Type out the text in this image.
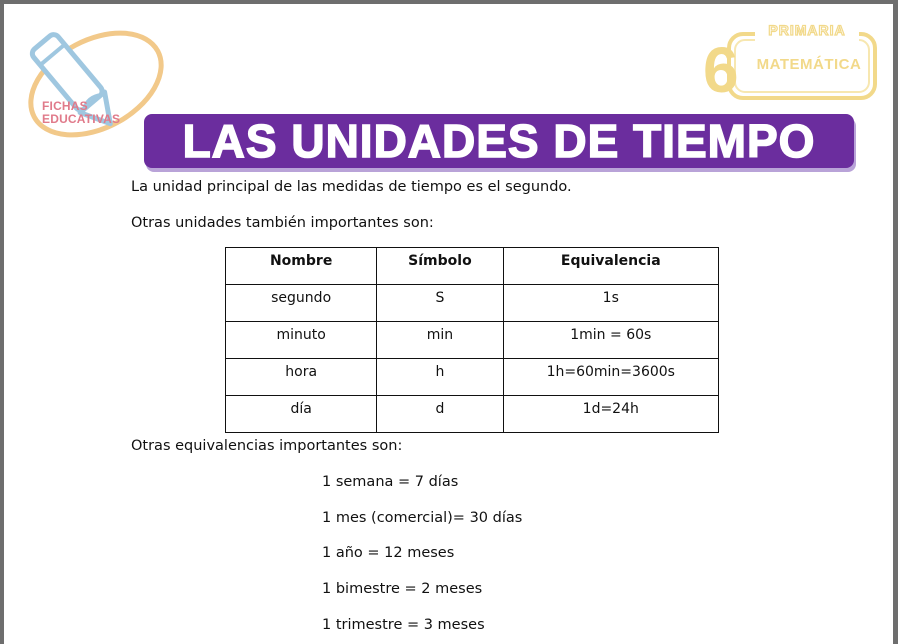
FICHAS
EDUCATIVAS
PRIMARIA
6	MATEMÁTICA
LAS UNIDADES DE TIEMPO
La unidad principal de las medidas de tiempo es el segundo.
Otras unidades también importantes son:
Nombre	Símbolo	Equivalencia
segundo	S	1s
minuto	min	1min = 60s
hora	h	1h=60min=3600s
día	d	1d=24h
Otras equivalencias importantes son:
1 semana = 7 días
1 mes (comercial)= 30 días
1 año = 12 meses
1 bimestre = 2 meses
1 trimestre = 3 meses
